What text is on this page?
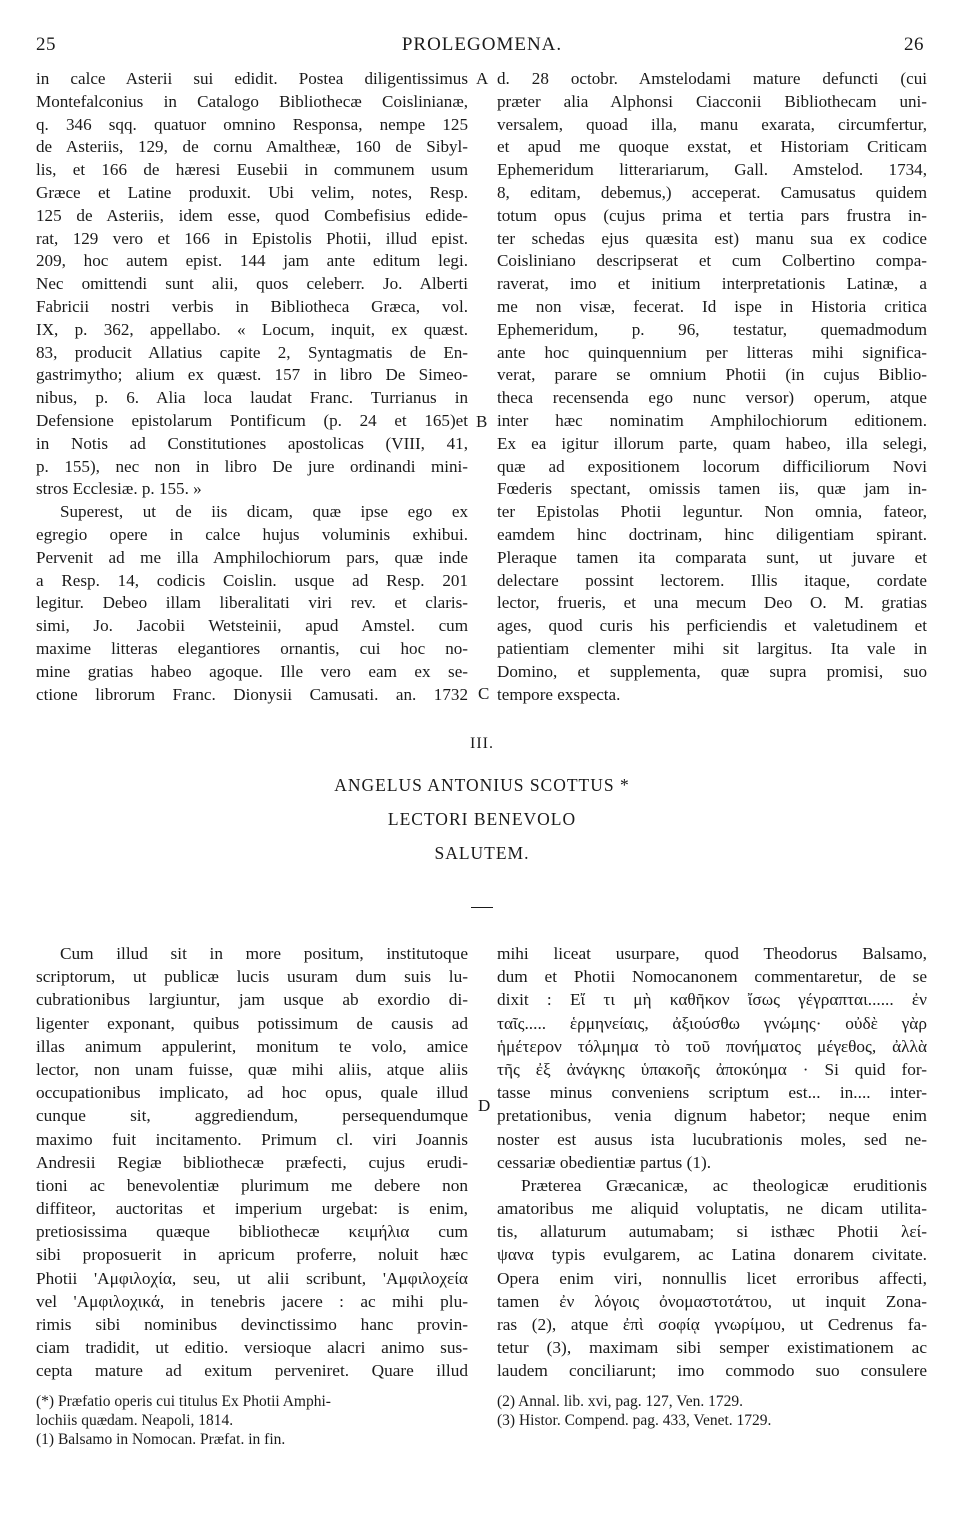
25	PROLEGOMENA.	26
in calce Asterii sui edidit. Postea diligentissimus
Montefalconius in Catalogo Bibliothecæ Coislinianæ,
q. 346 sqq. quatuor omnino Responsa, nempe 125
de Asteriis, 129, de cornu Amaltheæ, 160 de Sibyl-
lis, et 166 de hæresi Eusebii in communem usum
Græce et Latine produxit. Ubi velim, notes, Resp.
125 de Asteriis, idem esse, quod Combefisius edide-
rat, 129 vero et 166 in Epistolis Photii, illud epist.
209, hoc autem epist. 144 jam ante editum legi.
Nec omittendi sunt alii, quos celeberr. Jo. Alberti
Fabricii nostri verbis in Bibliotheca Græca, vol.
IX, p. 362, appellabo. « Locum, inquit, ex quæst.
83, producit Allatius capite 2, Syntagmatis de En-
gastrimytho; alium ex quæst. 157 in libro De Simeo-
nibus, p. 6. Alia loca laudat Franc. Turrianus in
Defensione epistolarum Pontificum (p. 24 et 165)et
in Notis ad Constitutiones apostolicas (VIII, 41,
p. 155), nec non in libro De jure ordinandi mini-
stros Ecclesiæ. p. 155. »
Superest, ut de iis dicam, quæ ipse ego ex
egregio opere in calce hujus voluminis exhibui.
Pervenit ad me illa Amphilochiorum pars, quæ inde
a Resp. 14, codicis Coislin. usque ad Resp. 201
legitur. Debeo illam liberalitati viri rev. et claris-
simi, Jo. Jacobii Wetsteinii, apud Amstel. cum
maxime litteras elegantiores ornantis, cui hoc no-
mine gratias habeo agoque. Ille vero eam ex se-
ctione librorum Franc. Dionysii Camusati. an. 1732
d. 28 octobr. Amstelodami mature defuncti (cui
præter alia Alphonsi Ciacconii Bibliothecam uni-
versalem, quoad illa, manu exarata, circumfertur,
et apud me quoque exstat, et Historiam Criticam
Ephemeridum litterariarum, Gall. Amstelod. 1734,
8, editam, debemus,) acceperat. Camusatus quidem
totum opus (cujus prima et tertia pars frustra in-
ter schedas ejus quæsita est) manu sua ex codice
Coisliniano descripserat et cum Colbertino compa-
raverat, imo et initium interpretationis Latinæ, a
me non visæ, fecerat. Id ispe in Historia critica
Ephemeridum, p. 96, testatur, quemadmodum
ante hoc quinquennium per litteras mihi significa-
verat, parare se omnium Photii (in cujus Biblio-
theca recensenda ego nunc versor) operum, atque
inter hæc nominatim Amphilochiorum editionem.
Ex ea igitur illorum parte, quam habeo, illa selegi,
quæ ad expositionem locorum difficiliorum Novi
Fœderis spectant, omissis tamen iis, quæ jam in-
ter Epistolas Photii leguntur. Non omnia, fateor,
eamdem hinc doctrinam, hinc diligentiam spirant.
Pleraque tamen ita comparata sunt, ut juvare et
delectare possint lectorem. Illis itaque, cordate
lector, frueris, et una mecum Deo O. M. gratias
ages, quod curis his perficiendis et valetudinem et
patientiam clementer mihi sit largitus. Ita vale in
Domino, et supplementa, quæ supra promisi, suo
tempore exspecta.
A
B
C
D
III.
ANGELUS ANTONIUS SCOTTUS *
LECTORI BENEVOLO
SALUTEM.
Cum illud sit in more positum, institutoque
scriptorum, ut publicæ lucis usuram dum suis lu-
cubrationibus largiuntur, jam usque ab exordio di-
ligenter exponant, quibus potissimum de causis ad
illas animum appulerint, monitum te volo, amice
lector, non unam fuisse, quæ mihi aliis, atque aliis
occupationibus implicato, ad hoc opus, quale illud
cunque sit, aggrediendum, persequendumque
maximo fuit incitamento. Primum cl. viri Joannis
Andresii Regiæ bibliothecæ præfecti, cujus erudi-
tioni ac benevolentiæ plurimum me debere non
diffiteor, auctoritas et imperium urgebat: is enim,
pretiosissima quæque bibliothecæ κειμήλια cum
sibi proposuerit in apricum proferre, noluit hæc
Photii 'Αμφιλοχία, seu, ut alii scribunt, 'Αμφιλοχεία
vel 'Αμφιλοχικά, in tenebris jacere : ac mihi plu-
rimis sibi nominibus devinctissimo hanc provin-
ciam tradidit, ut editio. versioque alacri animo sus-
cepta mature ad exitum perveniret. Quare illud
mihi liceat usurpare, quod Theodorus Balsamo,
dum et Photii Nomocanonem commentaretur, de se
dixit : Εἴ τι μὴ καθῆκον ἴσως γέγραπται...... ἐν
ταῖς..... ἑρμηνείαις, ἀξιούσθω γνώμης· οὐδὲ γὰρ
ἡμέτερον τόλμημα τὸ τοῦ πονήματος μέγεθος, ἀλλὰ
τῆς ἐξ ἀνάγκης ὑπακοῆς ἀποκύημα · Si quid for-
tasse minus conveniens scriptum est... in.... inter-
pretationibus, venia dignum habetor; neque enim
noster est ausus ista lucubrationis moles, sed ne-
cessariæ obedientiæ partus (1).
Præterea Græcanicæ, ac theologicæ eruditionis
amatoribus me aliquid voluptatis, ne dicam utilita-
tis, allaturum autumabam; si isthæc Photii λεί-
ψανα typis evulgarem, ac Latina donarem civitate.
Opera enim viri, nonnullis licet erroribus affecti,
tamen ἐν λόγοις ὀνομαστοτάτου, ut inquit Zona-
ras (2), atque ἐπὶ σοφίᾳ γνωρίμου, ut Cedrenus fa-
tetur (3), maximam sibi semper existimationem ac
laudem conciliarunt; imo commodo suo consulere
(*) Præfatio operis cui titulus Ex Photii Amphi-
lochiis quædam. Neapoli, 1814.
(1) Balsamo in Nomocan. Præfat. in fin.
(2) Annal. lib. xvi, pag. 127, Ven. 1729.
(3) Histor. Compend. pag. 433, Venet. 1729.
